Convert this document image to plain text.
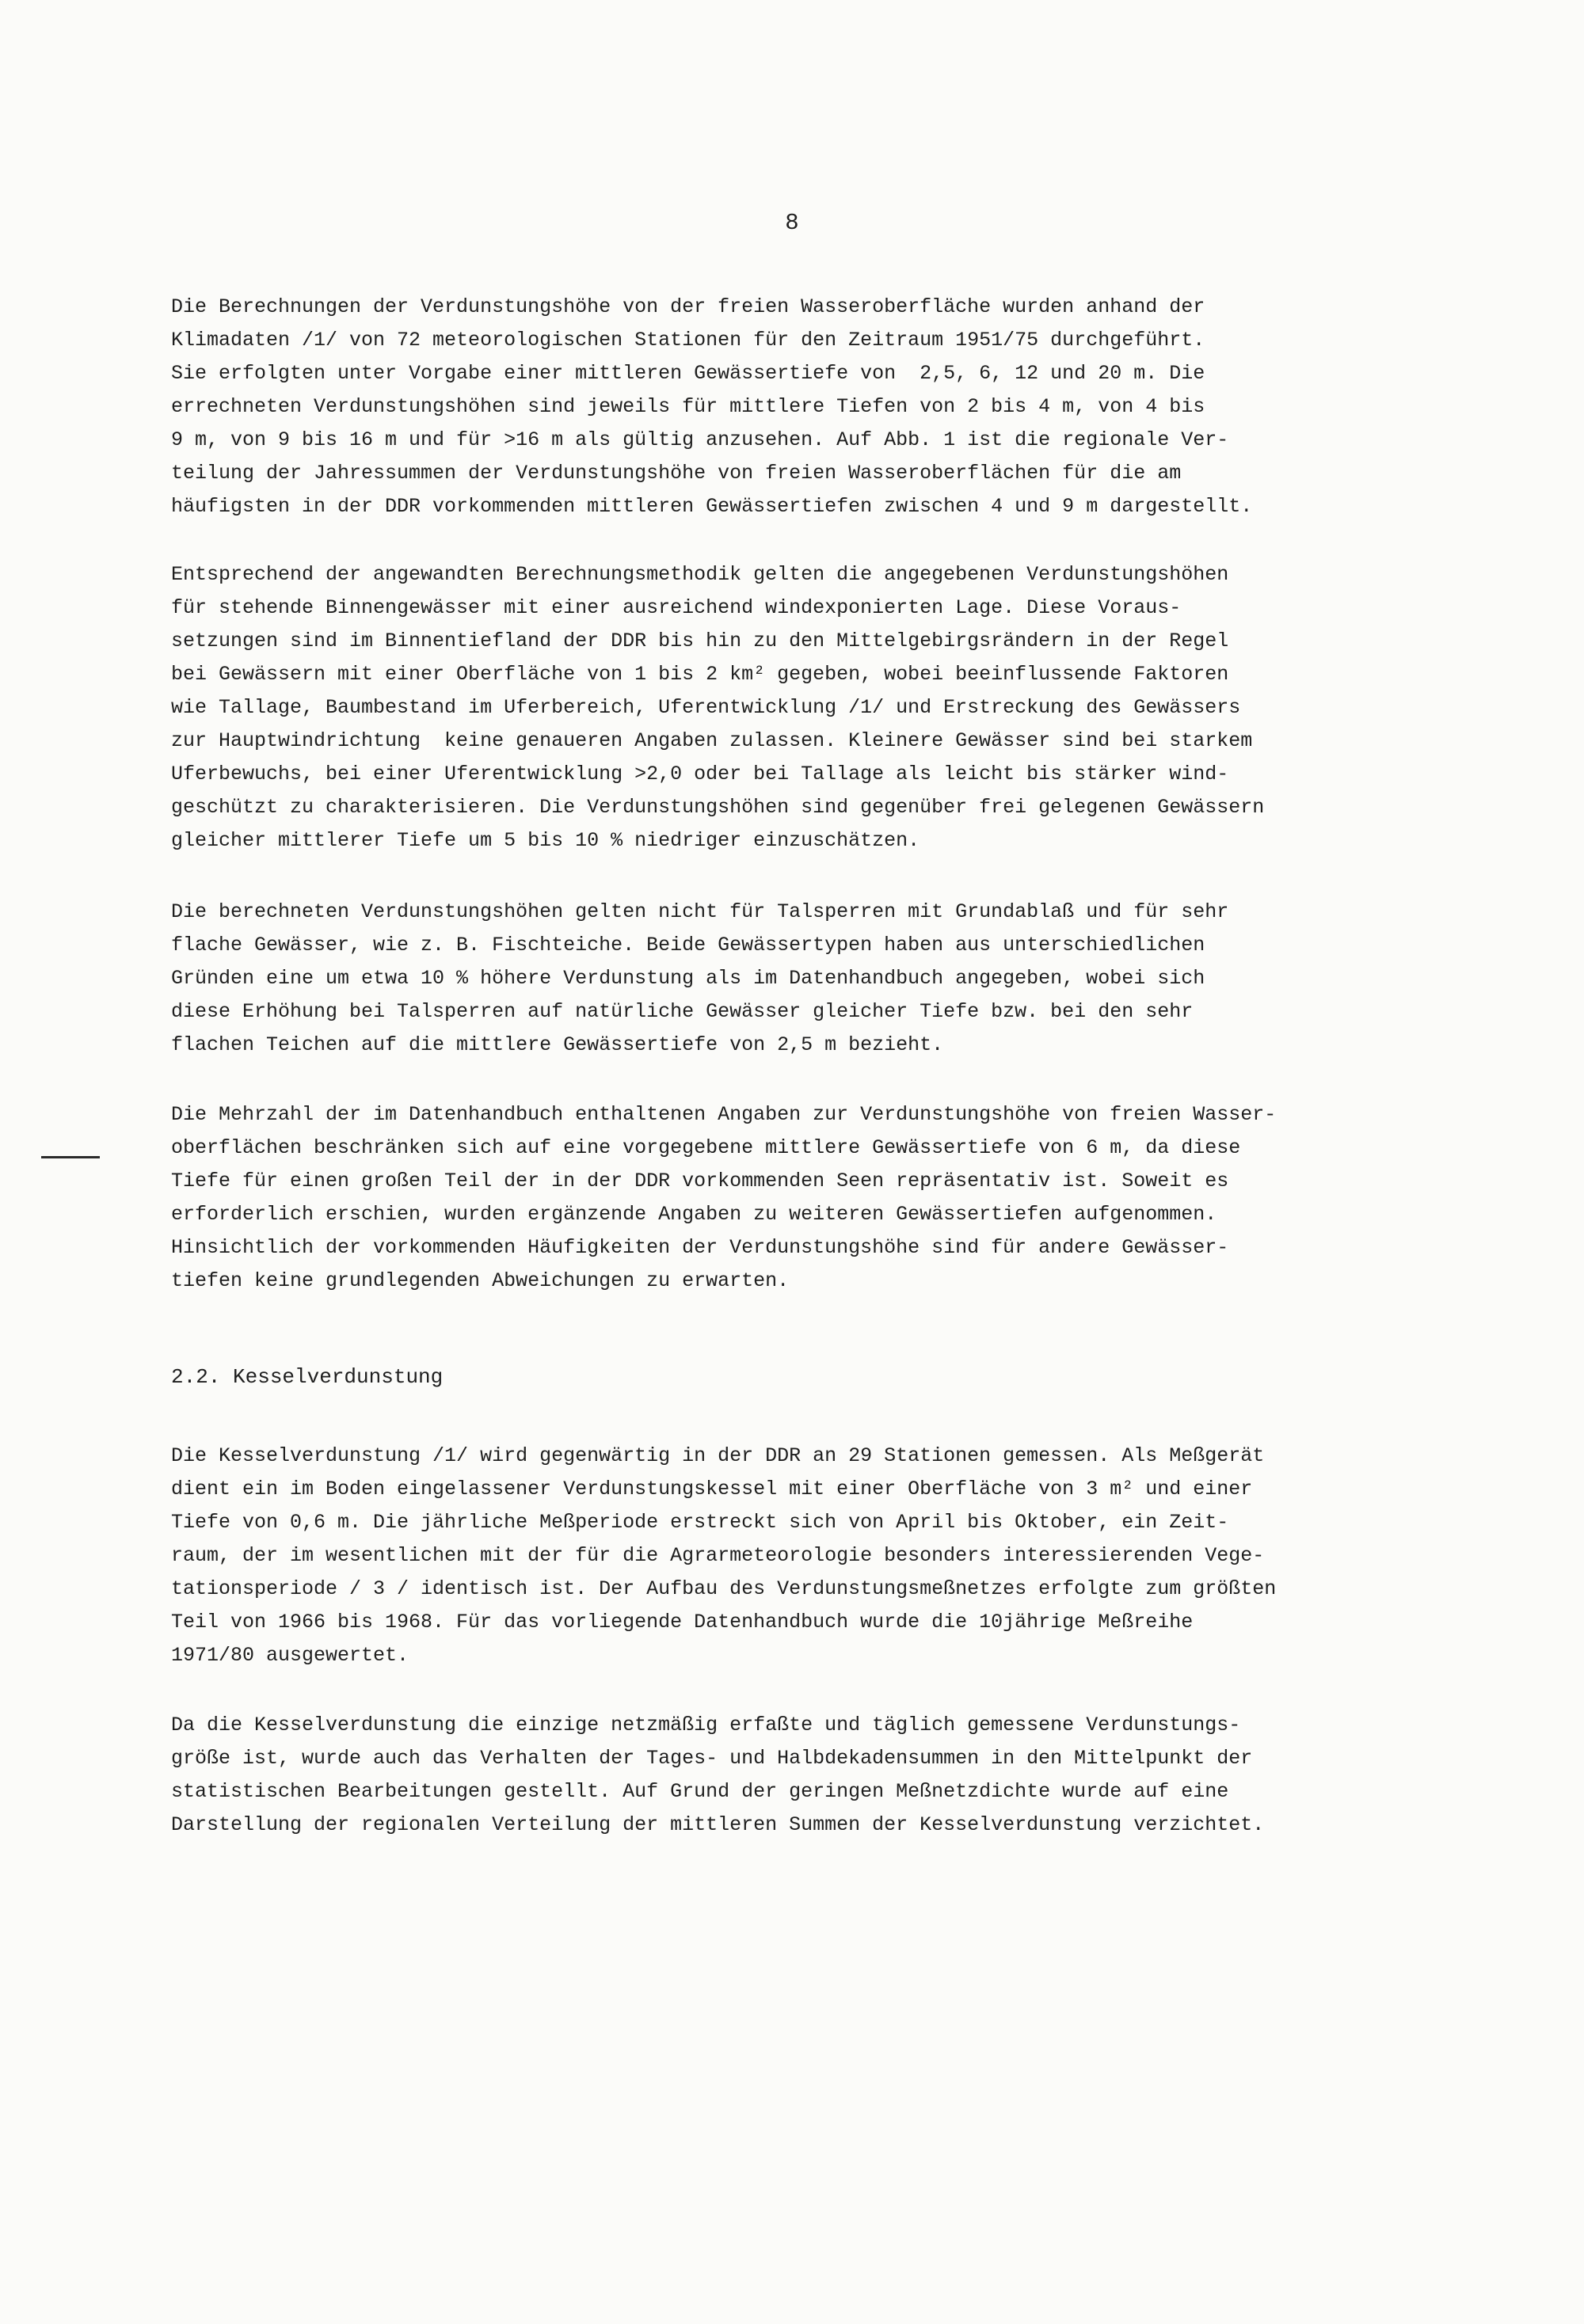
8

Die Berechnungen der Verdunstungshöhe von der freien Wasseroberfläche wurden anhand der
Klimadaten /1/ von 72 meteorologischen Stationen für den Zeitraum 1951/75 durchgeführt.
Sie erfolgten unter Vorgabe einer mittleren Gewässertiefe von  2,5, 6, 12 und 20 m. Die
errechneten Verdunstungshöhen sind jeweils für mittlere Tiefen von 2 bis 4 m, von 4 bis
9 m, von 9 bis 16 m und für >16 m als gültig anzusehen. Auf Abb. 1 ist die regionale Ver-
teilung der Jahressummen der Verdunstungshöhe von freien Wasseroberflächen für die am
häufigsten in der DDR vorkommenden mittleren Gewässertiefen zwischen 4 und 9 m dargestellt.

Entsprechend der angewandten Berechnungsmethodik gelten die angegebenen Verdunstungshöhen
für stehende Binnengewässer mit einer ausreichend windexponierten Lage. Diese Voraus-
setzungen sind im Binnentiefland der DDR bis hin zu den Mittelgebirgsrändern in der Regel
bei Gewässern mit einer Oberfläche von 1 bis 2 km² gegeben, wobei beeinflussende Faktoren
wie Tallage, Baumbestand im Uferbereich, Uferentwicklung /1/ und Erstreckung des Gewässers
zur Hauptwindrichtung  keine genaueren Angaben zulassen. Kleinere Gewässer sind bei starkem
Uferbewuchs, bei einer Uferentwicklung >2,0 oder bei Tallage als leicht bis stärker wind-
geschützt zu charakterisieren. Die Verdunstungshöhen sind gegenüber frei gelegenen Gewässern
gleicher mittlerer Tiefe um 5 bis 10 % niedriger einzuschätzen.

Die berechneten Verdunstungshöhen gelten nicht für Talsperren mit Grundablaß und für sehr
flache Gewässer, wie z. B. Fischteiche. Beide Gewässertypen haben aus unterschiedlichen
Gründen eine um etwa 10 % höhere Verdunstung als im Datenhandbuch angegeben, wobei sich
diese Erhöhung bei Talsperren auf natürliche Gewässer gleicher Tiefe bzw. bei den sehr
flachen Teichen auf die mittlere Gewässertiefe von 2,5 m bezieht.

Die Mehrzahl der im Datenhandbuch enthaltenen Angaben zur Verdunstungshöhe von freien Wasser-
oberflächen beschränken sich auf eine vorgegebene mittlere Gewässertiefe von 6 m, da diese
Tiefe für einen großen Teil der in der DDR vorkommenden Seen repräsentativ ist. Soweit es
erforderlich erschien, wurden ergänzende Angaben zu weiteren Gewässertiefen aufgenommen.
Hinsichtlich der vorkommenden Häufigkeiten der Verdunstungshöhe sind für andere Gewässer-
tiefen keine grundlegenden Abweichungen zu erwarten.

2.2. Kesselverdunstung

Die Kesselverdunstung /1/ wird gegenwärtig in der DDR an 29 Stationen gemessen. Als Meßgerät
dient ein im Boden eingelassener Verdunstungskessel mit einer Oberfläche von 3 m² und einer
Tiefe von 0,6 m. Die jährliche Meßperiode erstreckt sich von April bis Oktober, ein Zeit-
raum, der im wesentlichen mit der für die Agrarmeteorologie besonders interessierenden Vege-
tationsperiode / 3 / identisch ist. Der Aufbau des Verdunstungsmeßnetzes erfolgte zum größten
Teil von 1966 bis 1968. Für das vorliegende Datenhandbuch wurde die 10jährige Meßreihe
1971/80 ausgewertet.

Da die Kesselverdunstung die einzige netzmäßig erfaßte und täglich gemessene Verdunstungs-
größe ist, wurde auch das Verhalten der Tages- und Halbdekadensummen in den Mittelpunkt der
statistischen Bearbeitungen gestellt. Auf Grund der geringen Meßnetzdichte wurde auf eine
Darstellung der regionalen Verteilung der mittleren Summen der Kesselverdunstung verzichtet.
